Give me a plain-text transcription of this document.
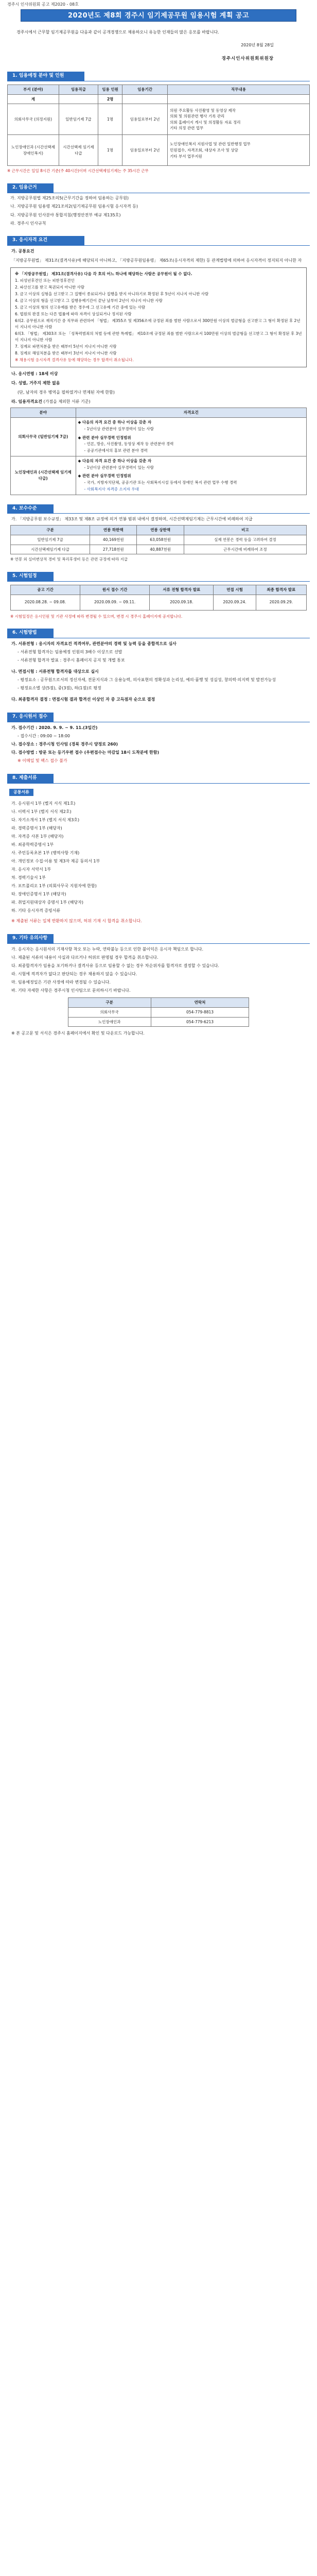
경주시 인사위원회 공고 제2020 - 08호
2020년도 제8회 경주시 임기제공무원 임용시험 계획 공고
경주시에서 근무할 임기제공무원을 다음과 같이 공개경쟁으로 채용하오니 유능한 인재들의 많은 응모를 바랍니다.
2020년 8월 28일
경주시인사위원회위원장
1. 임용예정 분야 및 인원
부서 (분야)	임용직급	임용 인원	임용기간	직무내용
계		2명		
의회사무국 (의정지원)	일반임기제 7급	1명	임용일로부터 2년	의원 주요활동 사진촬영 및 동영상 제작
의회 및 의원관련 행사 기록 관리
의회 홈페이지 게시 및 의정활동 자료 정리
기타 의정 관련 업무

노인장애인과 (시간선택제 장애인복지)	시간선택제 임기제 다급	1명	임용일로부터 2년	노인장애인복지 지원사업 및 관련 일반행정 업무
민원접수, 자격조회, 대상자 조사 및 상담
기타 부서 업무지원
※ 근무시간은 일일 8시간 기준(주 40시간)이며 시간선택제임기제는 주 35시간 근무
2. 임용근거

가. 지방공무원법 제25조의5(근무기간을 정하여 임용하는 공무원)

나. 지방공무원 임용령 제21조의2(임기제공무원 임용시험 응시자격 등)

다. 지방공무원 인사분야 통합지침(행정안전부 예규 제135호)

라. 경주시 인사규칙

3. 응시자격 요건
가. 공통요건
「지방공무원법」 제31조(결격사유)에 해당되지 아니하고, 「지방공무원임용령」 제65조(응시자격의 제한) 등 관계법령에 의하여 응시자격이 정지되지 아니한 자

※ 「지방공무원법」 제31조(결격사유) 다음 각 호의 어느 하나에 해당하는 사람은 공무원이 될 수 없다.

1. 피성년후견인 또는 피한정후견인

2. 파산선고를 받고 복권되지 아니한 사람

3. 금고 이상의 실형을 선고받고 그 집행이 종료되거나 집행을 받지 아니하기로 확정된 후 5년이 지나지 아니한 사람

4. 금고 이상의 형을 선고받고 그 집행유예기간이 끝난 날부터 2년이 지나지 아니한 사람

5. 금고 이상의 형의 선고유예를 받은 경우에 그 선고유예 기간 중에 있는 사람

6. 법원의 판결 또는 다른 법률에 따라 자격이 상실되거나 정지된 사람

6의2. 공무원으로 재직기간 중 직무와 관련하여 「형법」 제355조 및 제356조에 규정된 죄를 범한 사람으로서 300만원 이상의 벌금형을 선고받고 그 형이 확정된 후 2년이 지나지 아니한 사람

6의3. 「형법」 제303조 또는 「성폭력범죄의 처벌 등에 관한 특례법」 제10조에 규정된 죄를 범한 사람으로서 100만원 이상의 벌금형을 선고받고 그 형이 확정된 후 3년이 지나지 아니한 사람

7. 징계로 파면처분을 받은 때부터 5년이 지나지 아니한 사람

8. 징계로 해임처분을 받은 때부터 3년이 지나지 아니한 사람

※ 채용시험 응시자격 결격사유 등에 해당하는 경우 합격이 취소됩니다.

나. 응시연령 : 18세 이상
다. 성별, 거주지 제한 없음
(단, 남자의 경우 병역을 필하였거나 면제된 자에 한함)
라. 임용자격요건 (가점을 제외한 서류 기준)
분야	자격요건
의회사무국 (일반임기제 7급)	◆ 다음의 자격 요건 중 하나 이상을 갖춘 자
- 1년이상 관련분야 실무경력이 있는 사람
◆ 관련 분야 실무경력 인정범위
- 언론, 방송, 사진촬영, 동영상 제작 등 관련분야 경력
- 공공기관에서의 홍보 관련 분야 경력

노인장애인과 (시간선택제 임기제 다급)	◆ 다음의 자격 요건 중 하나 이상을 갖춘 자
- 1년이상 관련분야 실무경력이 있는 사람
◆ 관련 분야 실무경력 인정범위
- 국가, 지방자치단체, 공공기관 또는 사회복지시설 등에서 장애인 복지 관련 업무 수행 경력
- 사회복지사 자격증 소지자 우대
4. 보수수준
가. 「지방공무원 보수규정」 제33조 및 제8조 규정에 의거 연봉 범위 내에서 결정하며, 시간선택제임기제는 근무시간에 비례하여 지급
구분	연봉 하한액	연봉 상한액	비고
일반임기제 7급	40,169천원	63,058천원	실제 연봉은 경력 등을 고려하여 결정
시간선택제임기제 다급	27,718천원	40,887천원	근무시간에 비례하여 조정
※ 연봉 외 실비변상적 경비 및 복리후생비 등은 관련 규정에 따라 지급
5. 시험일정
공고 기간	원서 접수 기간	서류 전형 합격자 발표	면접 시험	최종 합격자 발표
2020.08.28. ~ 09.08.	2020.09.09. ~ 09.11.	2020.09.18.	2020.09.24.	2020.09.29.
※ 시험일정은 응시인원 및 기관 사정에 따라 변경될 수 있으며, 변경 시 경주시 홈페이지에 공지합니다.
6. 시험방법

가. 서류전형 : 응시자의 자격요건 적격여부, 관련분야의 경력 및 능력 등을 종합적으로 심사

- 서류전형 합격자는 임용예정 인원의 3배수 이상으로 선발

- 서류전형 합격자 발표 : 경주시 홈페이지 공지 및 개별 통보

나. 면접시험 : 서류전형 합격자를 대상으로 실시

- 평정요소 : 공무원으로서의 정신자세, 전문지식과 그 응용능력, 의사표현의 정확성과 논리성, 예의·품행 및 성실성, 창의력·의지력 및 발전가능성

- 평정요소별 상(5점), 중(3점), 하(1점)로 평정

다. 최종합격자 결정 : 면접시험 결과 합격선 이상인 자 중 고득점자 순으로 결정

7. 응시원서 접수

가. 접수기간 : 2020. 9. 9. ~ 9. 11.(3일간)

- 접수시간 : 09:00 ~ 18:00

나. 접수장소 : 경주시청 인사팀 (경북 경주시 양정로 260)

다. 접수방법 : 방문 또는 등기우편 접수 (우편접수는 마감일 18시 도착분에 한함)

※ 이메일 및 팩스 접수 불가

8. 제출서류
공통서류

가. 응시원서 1부 (별지 서식 제1호)

나. 이력서 1부 (별지 서식 제2호)

다. 자기소개서 1부 (별지 서식 제3호)

라. 경력증명서 1부 (해당자)

마. 자격증 사본 1부 (해당자)

바. 최종학력증명서 1부

사. 주민등록초본 1부 (병역사항 기재)

아. 개인정보 수집·이용 및 제3자 제공 동의서 1부

자. 응시자 서약서 1부

차. 경력기술서 1부

카. 포트폴리오 1부 (의회사무국 지원자에 한함)

타. 장애인증명서 1부 (해당자)

파. 취업지원대상자 증명서 1부 (해당자)

하. 기타 응시자격 증빙서류

※ 제출된 서류는 일체 반환하지 않으며, 허위 기재 시 합격을 취소합니다.

9. 기타 유의사항

가. 응시자는 응시원서의 기재사항 착오 또는 누락, 연락불능 등으로 인한 불이익은 응시자 책임으로 합니다.

나. 제출된 서류의 내용이 사실과 다르거나 허위로 판명될 경우 합격을 취소합니다.

다. 최종합격자가 임용을 포기하거나 결격사유 등으로 임용할 수 없는 경우 차순위자를 합격자로 결정할 수 있습니다.

라. 시험에 적격자가 없다고 판단되는 경우 채용하지 않을 수 있습니다.

마. 임용예정일은 기관 사정에 따라 변경될 수 있습니다.

바. 기타 자세한 사항은 경주시청 인사팀으로 문의하시기 바랍니다.

구분	연락처
의회사무국	054-779-8813
노인장애인과	054-779-6213
※ 본 공고문 및 서식은 경주시 홈페이지에서 확인 및 다운로드 가능합니다.
